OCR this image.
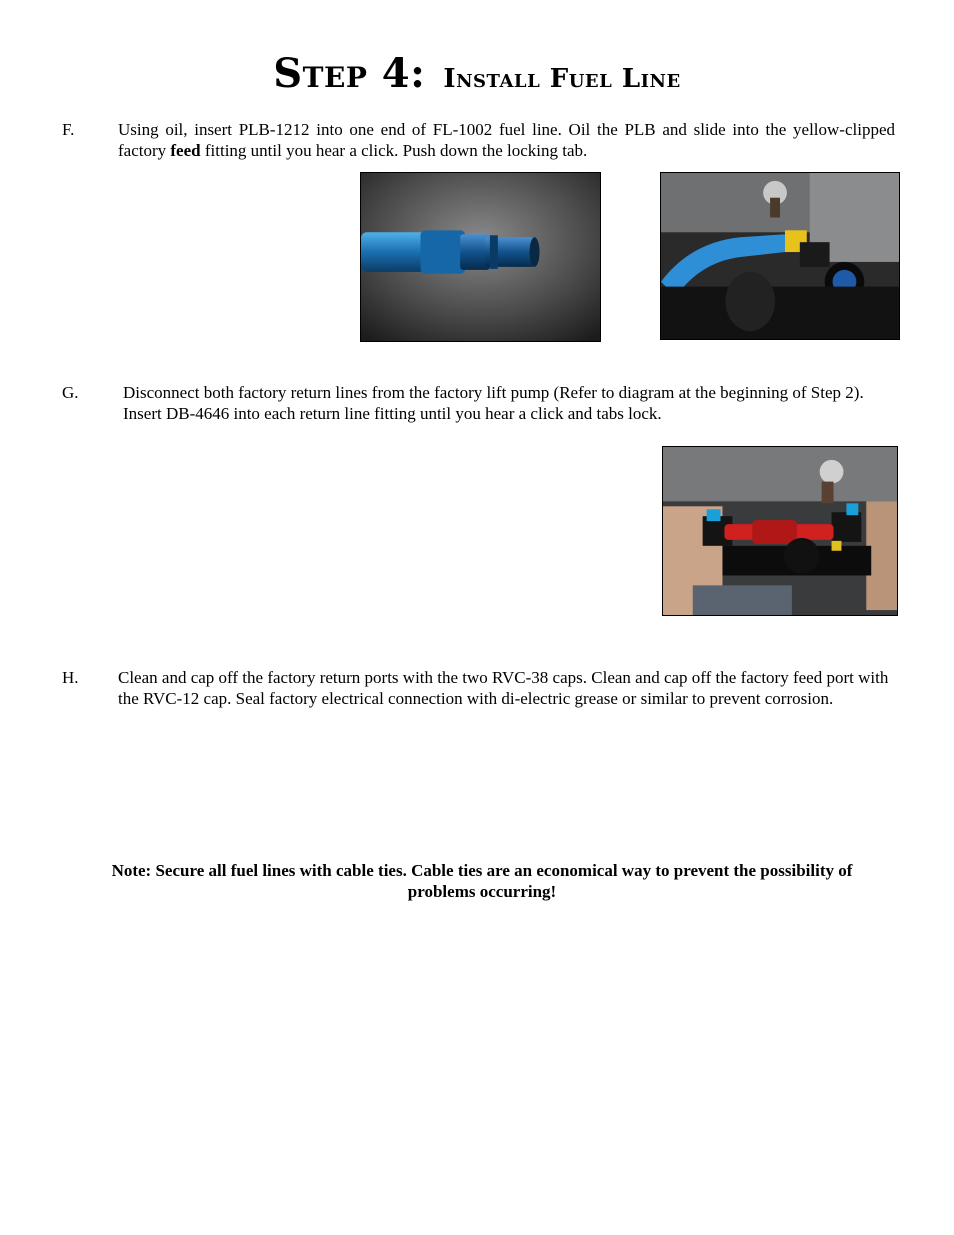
Step 4: Install Fuel Line
F.	Using oil, insert PLB-1212 into one end of FL-1002 fuel line. Oil the PLB and slide into the yellow-clipped factory feed fitting until you hear a click. Push down the locking tab.
G.	Disconnect both factory return lines from the factory lift pump (Refer to diagram at the beginning of Step 2). Insert DB-4646 into each return line fitting until you hear a click and tabs lock.
H. Clean and cap off the factory return ports with the two RVC-38 caps. Clean and cap off the factory feed port with the RVC-12 cap. Seal factory electrical connection with di-electric grease or similar to prevent corrosion.
Note: Secure all fuel lines with cable ties. Cable ties are an economical way to prevent the possibility of problems occurring!
